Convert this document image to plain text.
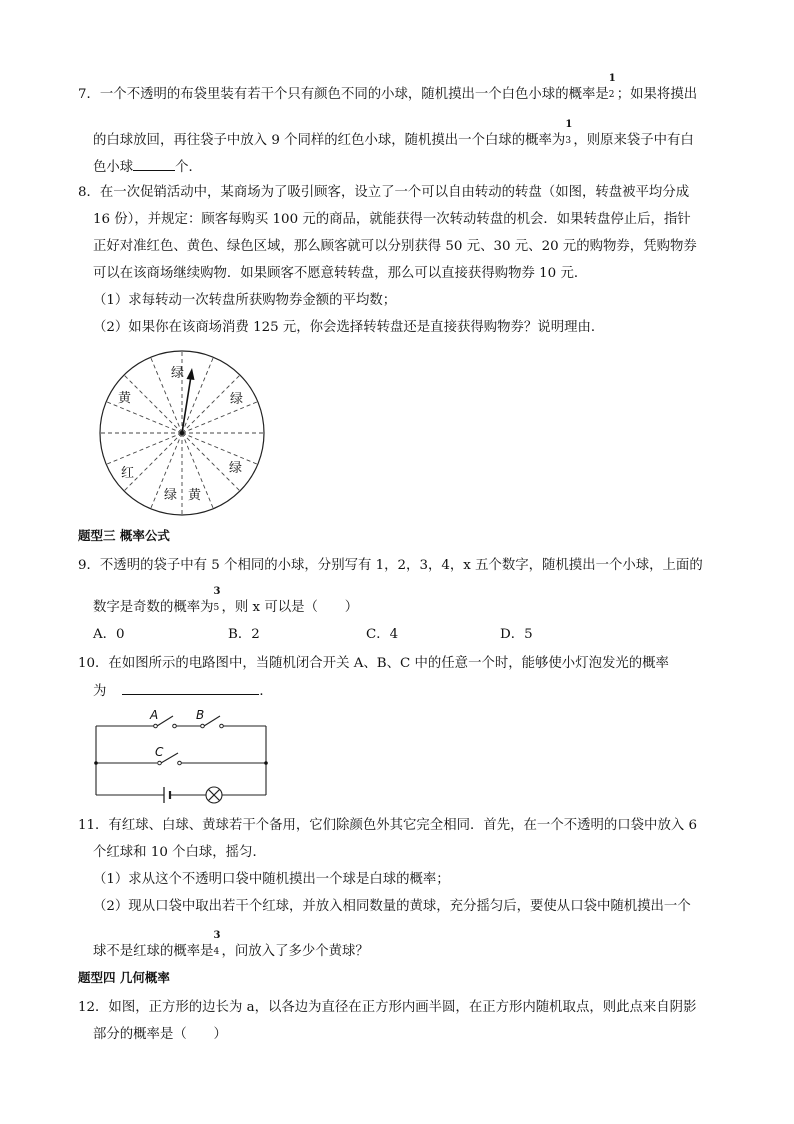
7．一个不透明的布袋里装有若干个只有颜色不同的小球，随机摸出一个白色小球的概率是
1
2 ；如果将摸出
的白球放回，再往袋子中放入 9 个同样的红色小球，随机摸出一个白球的概率为
1
3 ，则原来袋子中有白
色小球	个．
8．在一次促销活动中，某商场为了吸引顾客，设立了一个可以自由转动的转盘（如图，转盘被平均分成
16 份），并规定：顾客每购买 100 元的商品，就能获得一次转动转盘的机会．如果转盘停止后，指针
正好对准红色、黄色、绿色区域，那么顾客就可以分别获得 50 元、30 元、20 元的购物券，凭购物券
可以在该商场继续购物．如果顾客不愿意转转盘，那么可以直接获得购物券 10 元．
（1）求每转动一次转盘所获购物券金额的平均数；
（2）如果你在该商场消费 125 元，你会选择转转盘还是直接获得购物券？说明理由．
绿
黄	绿
红	绿
绿 黄
题型三 概率公式
9．不透明的袋子中有 5 个相同的小球，分别写有 1，2，3，4，x 五个数字，随机摸出一个小球，上面的
数字是奇数的概率为
3
5 ，则 x 可以是（　　）
A．0	B．2	C．4	D．5
10．在如图所示的电路图中，当随机闭合开关 A、B、C 中的任意一个时，能够使小灯泡发光的概率
为	．
A	B
C
11．有红球、白球、黄球若干个备用，它们除颜色外其它完全相同．首先，在一个不透明的口袋中放入 6
个红球和 10 个白球，摇匀．
（1）求从这个不透明口袋中随机摸出一个球是白球的概率；
（2）现从口袋中取出若干个红球，并放入相同数量的黄球，充分摇匀后，要使从口袋中随机摸出一个
球不是红球的概率是
3
4 ，问放入了多少个黄球？
题型四 几何概率
12．如图，正方形的边长为 a，以各边为直径在正方形内画半圆，在正方形内随机取点，则此点来自阴影
部分的概率是（　　）
